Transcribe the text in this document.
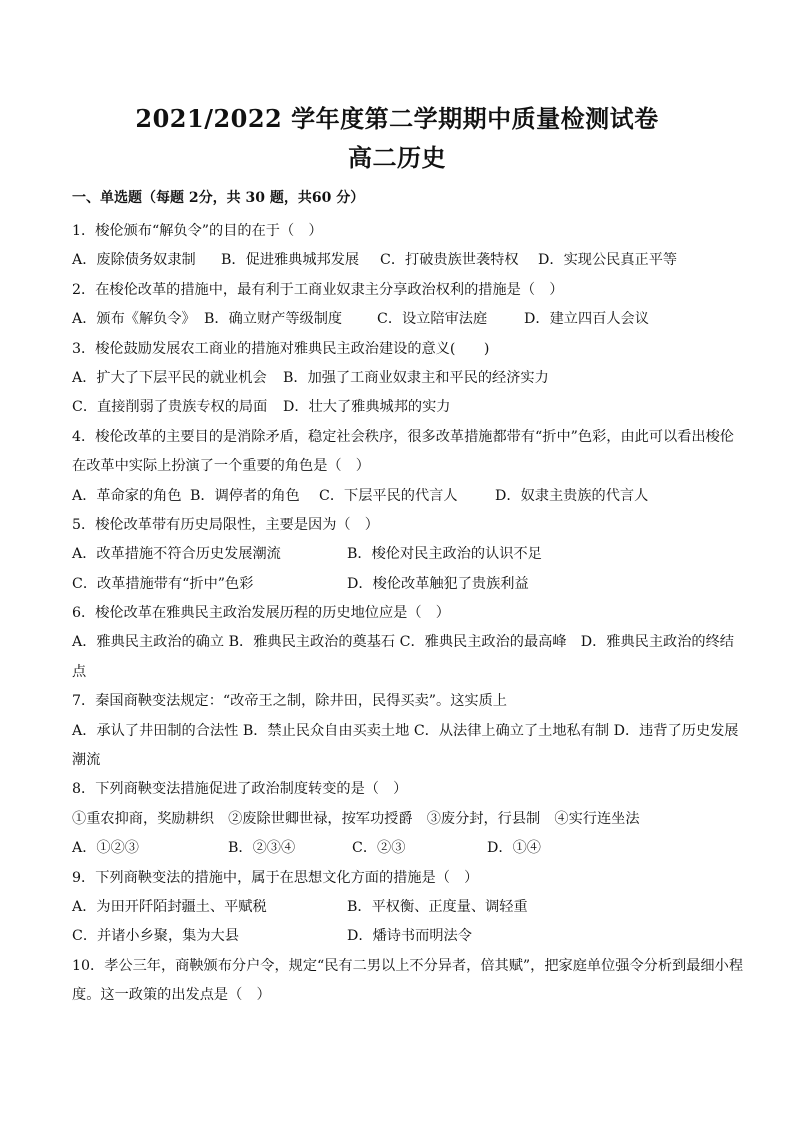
2021/2022 学年度第二学期期中质量检测试卷
高二历史
一、单选题（每题 2分，共 30 题，共60 分）
1．梭伦颁布“解负令”的目的在于（　）
A．废除债务奴隶制 B．促进雅典城邦发展 C．打破贵族世袭特权 D．实现公民真正平等
2．在梭伦改革的措施中，最有利于工商业奴隶主分享政治权利的措施是（　）
A．颁布《解负令》 B．确立财产等级制度 C．设立陪审法庭	D．建立四百人会议
3．梭伦鼓励发展农工商业的措施对雅典民主政治建设的意义(　　)
A．扩大了下层平民的就业机会 B．加强了工商业奴隶主和平民的经济实力
C．直接削弱了贵族专权的局面 D．壮大了雅典城邦的实力
4．梭伦改革的主要目的是消除矛盾，稳定社会秩序，很多改革措施都带有“折中”色彩，由此可以看出梭伦
在改革中实际上扮演了一个重要的角色是（　）
A．革命家的角色 B．调停者的角色 C．下层平民的代言人	D．奴隶主贵族的代言人
5．梭伦改革带有历史局限性，主要是因为（　）
A．改革措施不符合历史发展潮流	B．梭伦对民主政治的认识不足
C．改革措施带有“折中”色彩	D．梭伦改革触犯了贵族利益
6．梭伦改革在雅典民主政治发展历程的历史地位应是（　）
A．雅典民主政治的确立 B．雅典民主政治的奠基石 C．雅典民主政治的最高峰　D．雅典民主政治的终结
点
7．秦国商鞅变法规定：“改帝王之制，除井田，民得买卖”。这实质上
A．承认了井田制的合法性 B．禁止民众自由买卖土地 C．从法律上确立了土地私有制 D．违背了历史发展
潮流
8．下列商鞅变法措施促进了政治制度转变的是（　）
①重农抑商，奖励耕织　②废除世卿世禄，按军功授爵　③废分封，行县制　④实行连坐法
A．①②③	B．②③④	C．②③	D．①④
9．下列商鞅变法的措施中，属于在思想文化方面的措施是（　）
A．为田开阡陌封疆土、平赋税	B．平权衡、正度量、调轻重
C．并诸小乡聚，集为大县	D．燔诗书而明法令
10．孝公三年，商鞅颁布分户令，规定“民有二男以上不分异者，倍其赋”，把家庭单位强令分析到最细小程
度。这一政策的出发点是（　）
